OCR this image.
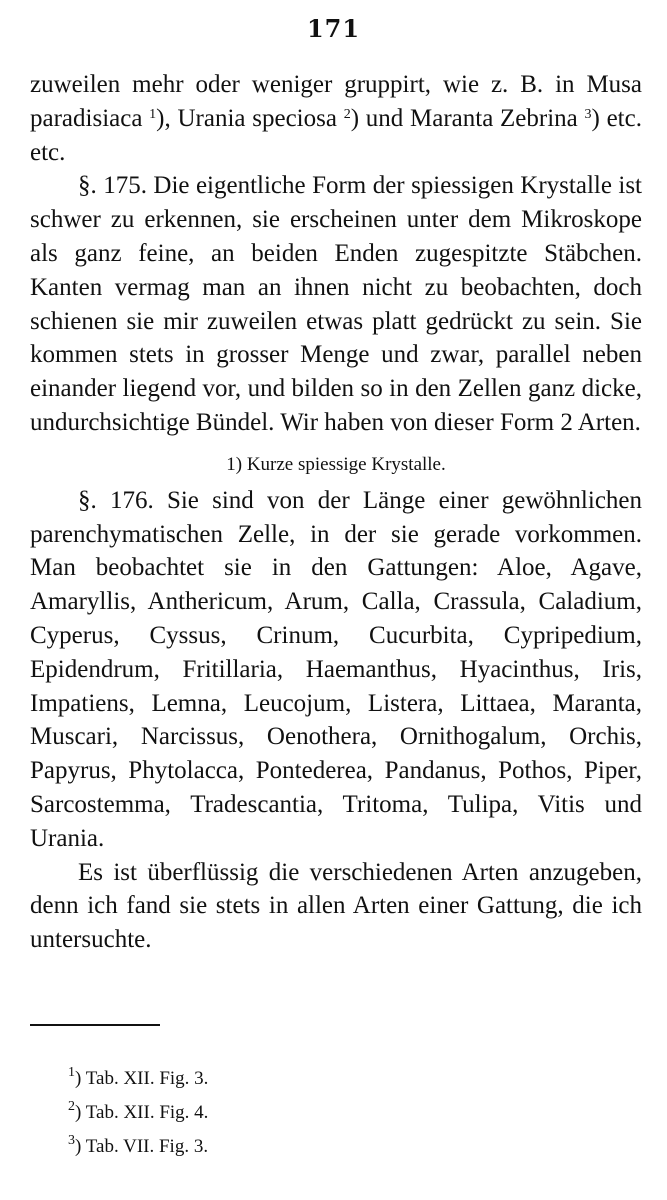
171

zuweilen mehr oder weniger gruppirt, wie z. B. in Musa paradisiaca $^1$), Urania speciosa $^2$) und Maranta Zebrina $^3$) etc. etc.

§. 175. Die eigentliche Form der spiessigen Krystalle ist schwer zu erkennen, sie erscheinen unter dem Mikroskope als ganz feine, an beiden Enden zugespitzte Stäbchen. Kanten vermag man an ihnen nicht zu beobachten, doch schienen sie mir zuweilen etwas platt gedrückt zu sein. Sie kommen stets in grosser Menge und zwar, parallel neben einander liegend vor, und bilden so in den Zellen ganz dicke, undurchsichtige Bündel. Wir haben von dieser Form 2 Arten.

1) Kurze spiessige Krystalle.

§. 176. Sie sind von der Länge einer gewöhnlichen parenchymatischen Zelle, in der sie gerade vorkommen. Man beobachtet sie in den Gattungen: Aloe, Agave, Amaryllis, Anthericum, Arum, Calla, Crassula, Caladium, Cyperus, Cyssus, Crinum, Cucurbita, Cypripedium, Epidendrum, Fritillaria, Haemanthus, Hyacinthus, Iris, Impatiens, Lemna, Leucojum, Listera, Littaea, Maranta, Muscari, Narcissus, Oenothera, Ornithogalum, Orchis, Papyrus, Phytolacca, Pontederea, Pandanus, Pothos, Piper, Sarcostemma, Tradescantia, Tritoma, Tulipa, Vitis und Urania.

Es ist überflüssig die verschiedenen Arten anzugeben, denn ich fand sie stets in allen Arten einer Gattung, die ich untersuchte.

$^1$) Tab. XII. Fig. 3.
$^2$) Tab. XII. Fig. 4.
$^3$) Tab. VII. Fig. 3.
